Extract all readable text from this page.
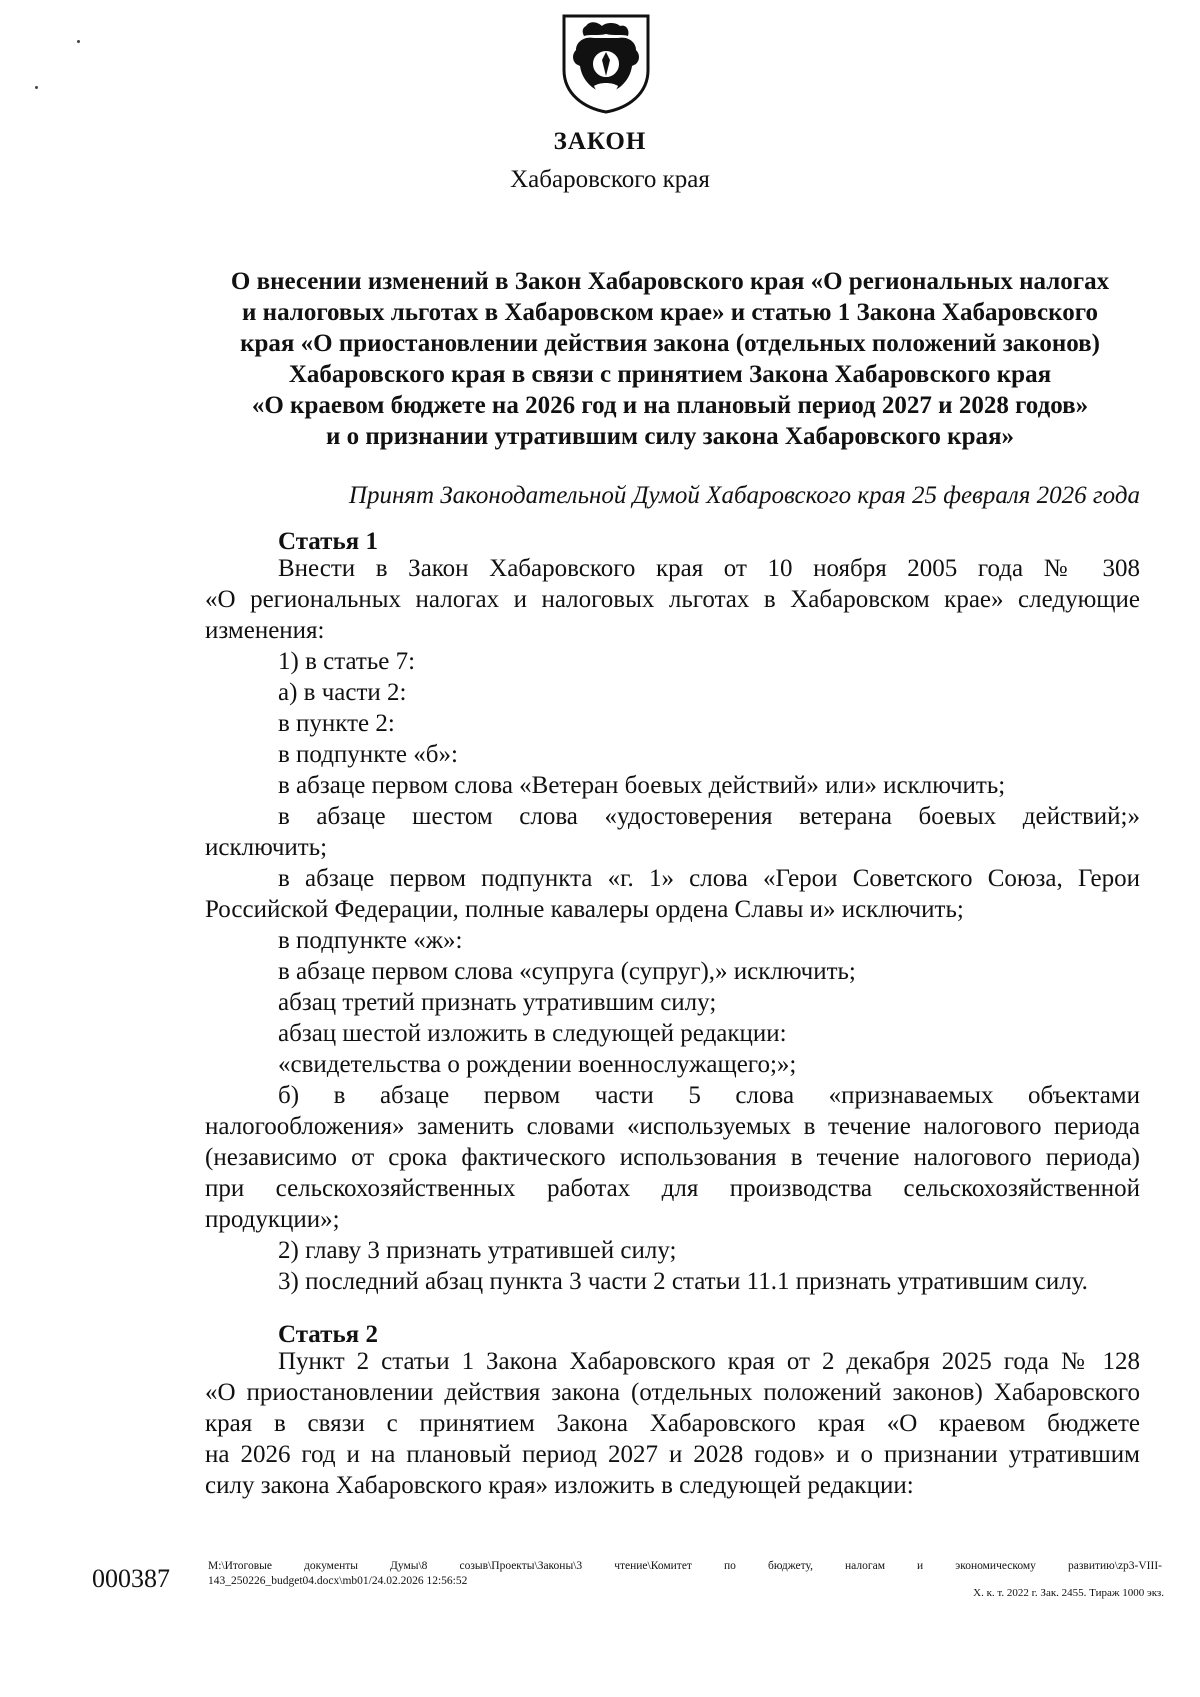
ЗАКОН
Хабаровского края
О внесении изменений в Закон Хабаровского края «О региональных налогах
и налоговых льготах в Хабаровском крае» и статью 1 Закона Хабаровского
края «О приостановлении действия закона (отдельных положений законов)
Хабаровского края в связи с принятием Закона Хабаровского края
«О краевом бюджете на 2026 год и на плановый период 2027 и 2028 годов»
и о признании утратившим силу закона Хабаровского края»
Принят Законодательной Думой Хабаровского края 25 февраля 2026 года
Статья 1
Внести в Закон Хабаровского края от 10 ноября 2005 года № 308
«О региональных налогах и налоговых льготах в Хабаровском крае» следующие
изменения:
1) в статье 7:
а) в части 2:
в пункте 2:
в подпункте «б»:
в абзаце первом слова «Ветеран боевых действий» или» исключить;
в абзаце шестом слова «удостоверения ветерана боевых действий;»
исключить;
в абзаце первом подпункта «г. 1» слова «Герои Советского Союза, Герои
Российской Федерации, полные кавалеры ордена Славы и» исключить;
в подпункте «ж»:
в абзаце первом слова «супруга (супруг),» исключить;
абзац третий признать утратившим силу;
абзац шестой изложить в следующей редакции:
«свидетельства о рождении военнослужащего;»;
б) в абзаце первом части 5 слова «признаваемых объектами
налогообложения» заменить словами «используемых в течение налогового периода
(независимо от срока фактического использования в течение налогового периода)
при сельскохозяйственных работах для производства сельскохозяйственной
продукции»;
2) главу 3 признать утратившей силу;
3) последний абзац пункта 3 части 2 статьи 11.1 признать утратившим силу.
Статья 2
Пункт 2 статьи 1 Закона Хабаровского края от 2 декабря 2025 года № 128
«О приостановлении действия закона (отдельных положений законов) Хабаровского
края в связи с принятием Закона Хабаровского края «О краевом бюджете
на 2026 год и на плановый период 2027 и 2028 годов» и о признании утратившим
силу закона Хабаровского края» изложить в следующей редакции:
000387	M:\Итоговые документы Думы\8 созыв\Проекты\Законы\3 чтение\Комитет по бюджету, налогам и экономическому развитию\zp3-VIII-
143_250226_budget04.docx\mb01/24.02.2026 12:56:52
Х. к. т. 2022 г. Зак. 2455. Тираж 1000 экз.
